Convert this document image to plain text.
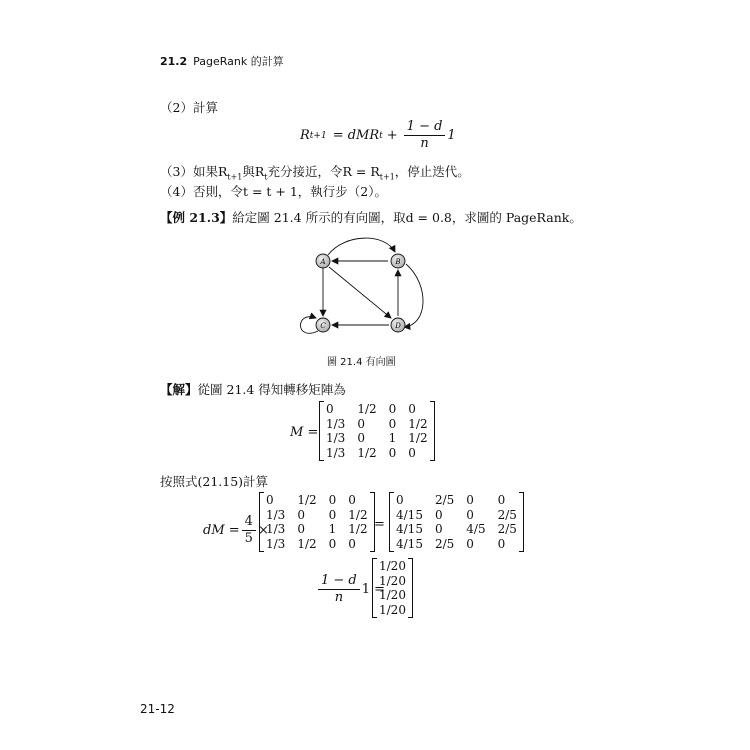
21.2 PageRank 的計算
（2）計算
R t+1 = dMR $t + \frac{1 - d}{n} 1$
（3）如果$R_{t+1}$與$R_t$充分接近，令$R = R_{t+1}$，停止迭代。
（4）否則，令t = t + 1，執行步（2）。
【例 21.3】給定圖 21.4 所示的有向圖，取d = 0.8，求圖的 PageRank。
A	B
C	D
圖 21.4 有向圖
【解】從圖 21.4 得知轉移矩陣為
M =
0	1/2	0	0
1/3	0	0	1/2
1/3	0	1	1/2
1/3	1/2	0	0
按照式(21.15)計算
dM = $\frac{4}{5}$ ×
0	1/2	0	0
1/3	0	0	1/2
1/3	0	1	1/2
1/3	1/2	0	0
=
0	2/5	0	0
4/15	0	0	2/5
4/15	0	4/5	2/5
4/15	2/5	0	0
$\frac{1 - d}{n} 1$ =
1/20
1/20
1/20
1/20
21-12
